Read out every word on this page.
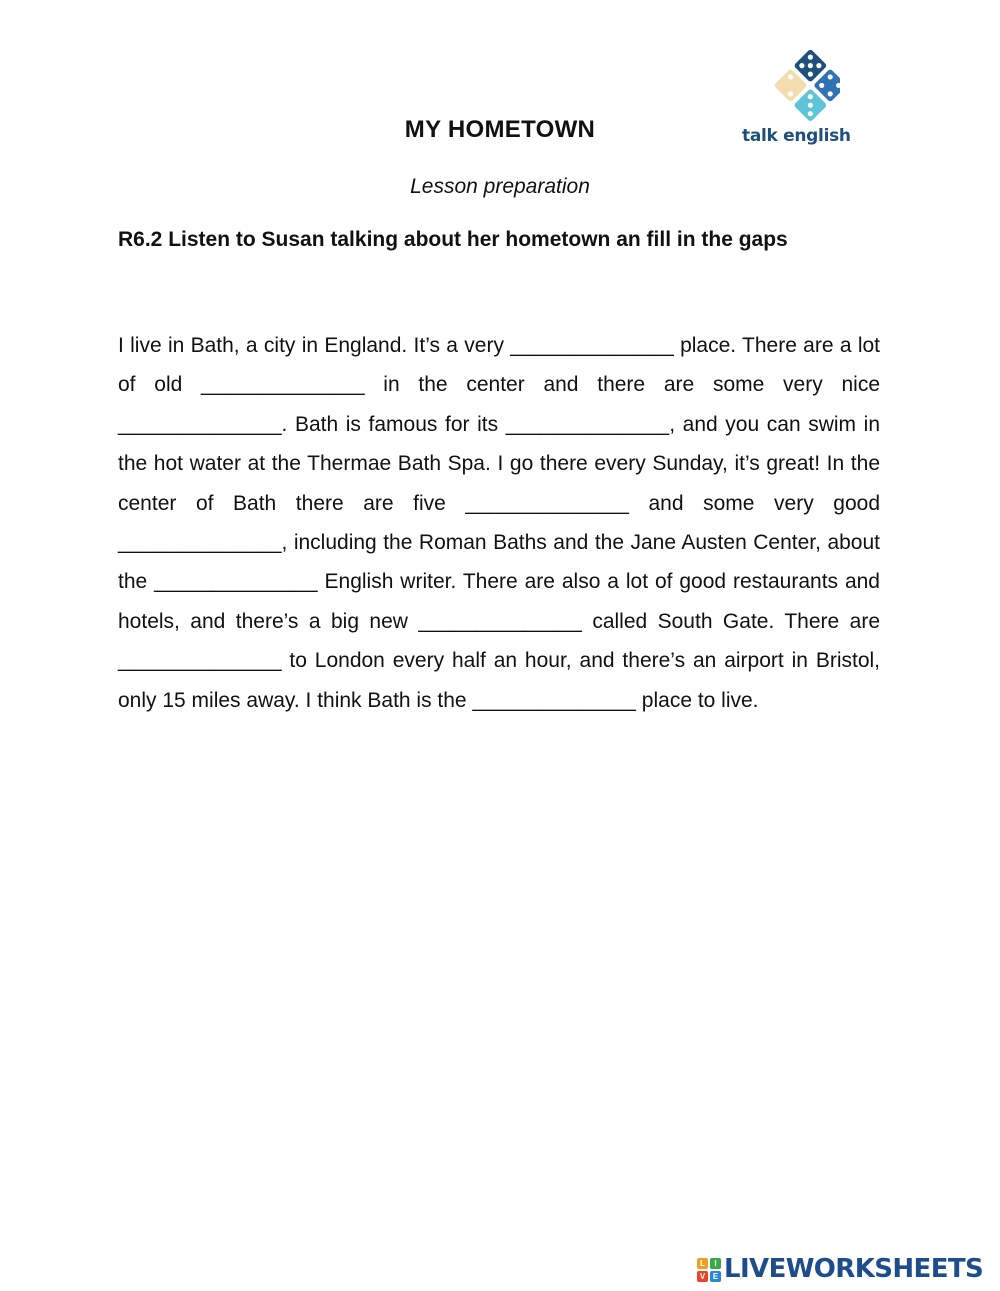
talk english
MY HOMETOWN
Lesson preparation
R6.2 Listen to Susan talking about her hometown an fill in the gaps
I live in Bath, a city in England. It’s a very ______________ place. There are a lot of old ______________ in the center and there are some very nice ______________. Bath is famous for its ______________, and you can swim in the hot water at the Thermae Bath Spa. I go there every Sunday, it’s great! In the center of Bath there are five ______________ and some very good ______________, including the Roman Baths and the Jane Austen Center, about the ______________ English writer. There are also a lot of good restaurants and hotels, and there’s a big new ______________ called South Gate. There are ______________ to London every half an hour, and there’s an airport in Bristol, only 15 miles away. I think Bath is the ______________ place to live.
L	I
V E LIVEWORKSHEETS
